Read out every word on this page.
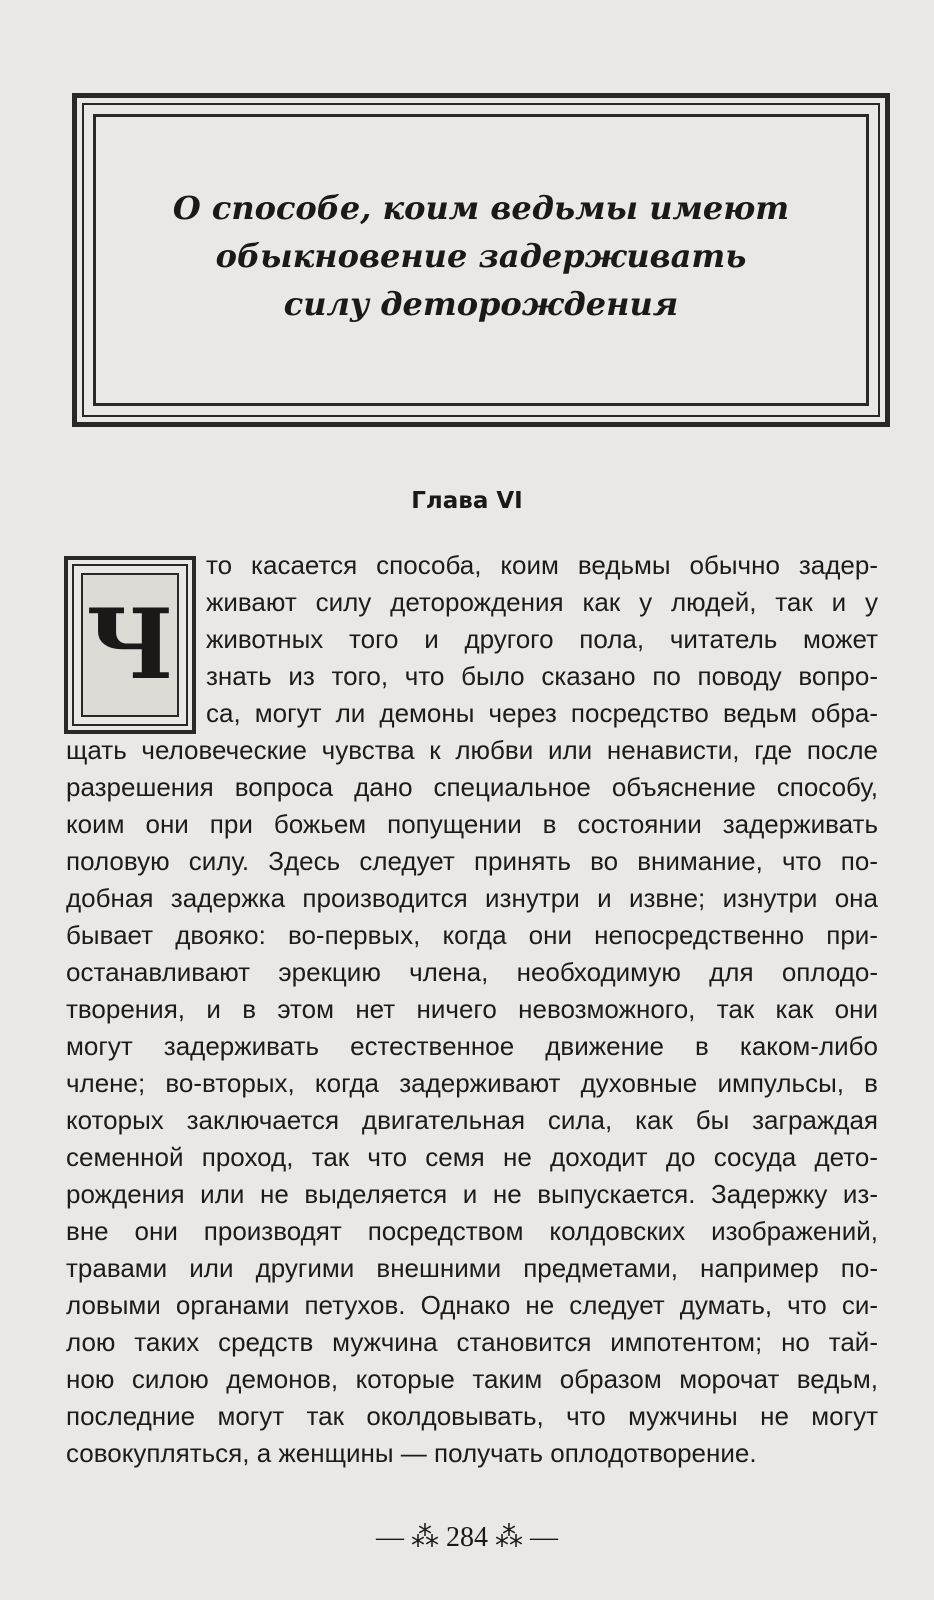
О способе, коим ведьмы имеют
обыкновение задерживать
силу деторождения
Глава VI
Ч
то касается способа, коим ведьмы обычно задер-
живают силу деторождения как у людей, так и у
животных того и другого пола, читатель может
знать из того, что было сказано по поводу вопро-
са, могут ли демоны через посредство ведьм обра-
щать человеческие чувства к любви или ненависти, где после
разрешения вопроса дано специальное объяснение способу,
коим они при божьем попущении в состоянии задерживать
половую силу. Здесь следует принять во внимание, что по-
добная задержка производится изнутри и извне; изнутри она
бывает двояко: во-первых, когда они непосредственно при-
останавливают эрекцию члена, необходимую для оплодо-
творения, и в этом нет ничего невозможного, так как они
могут задерживать естественное движение в каком-либо
члене; во-вторых, когда задерживают духовные импульсы, в
которых заключается двигательная сила, как бы заграждая
семенной проход, так что семя не доходит до сосуда дето-
рождения или не выделяется и не выпускается. Задержку из-
вне они производят посредством колдовских изображений,
травами или другими внешними предметами, например по-
ловыми органами петухов. Однако не следует думать, что си-
лою таких средств мужчина становится импотентом; но тай-
ною силою демонов, которые таким образом морочат ведьм,
последние могут так околдовывать, что мужчины не могут
совокупляться, а женщины — получать оплодотворение.
— ⁂ 284 ⁂ —
